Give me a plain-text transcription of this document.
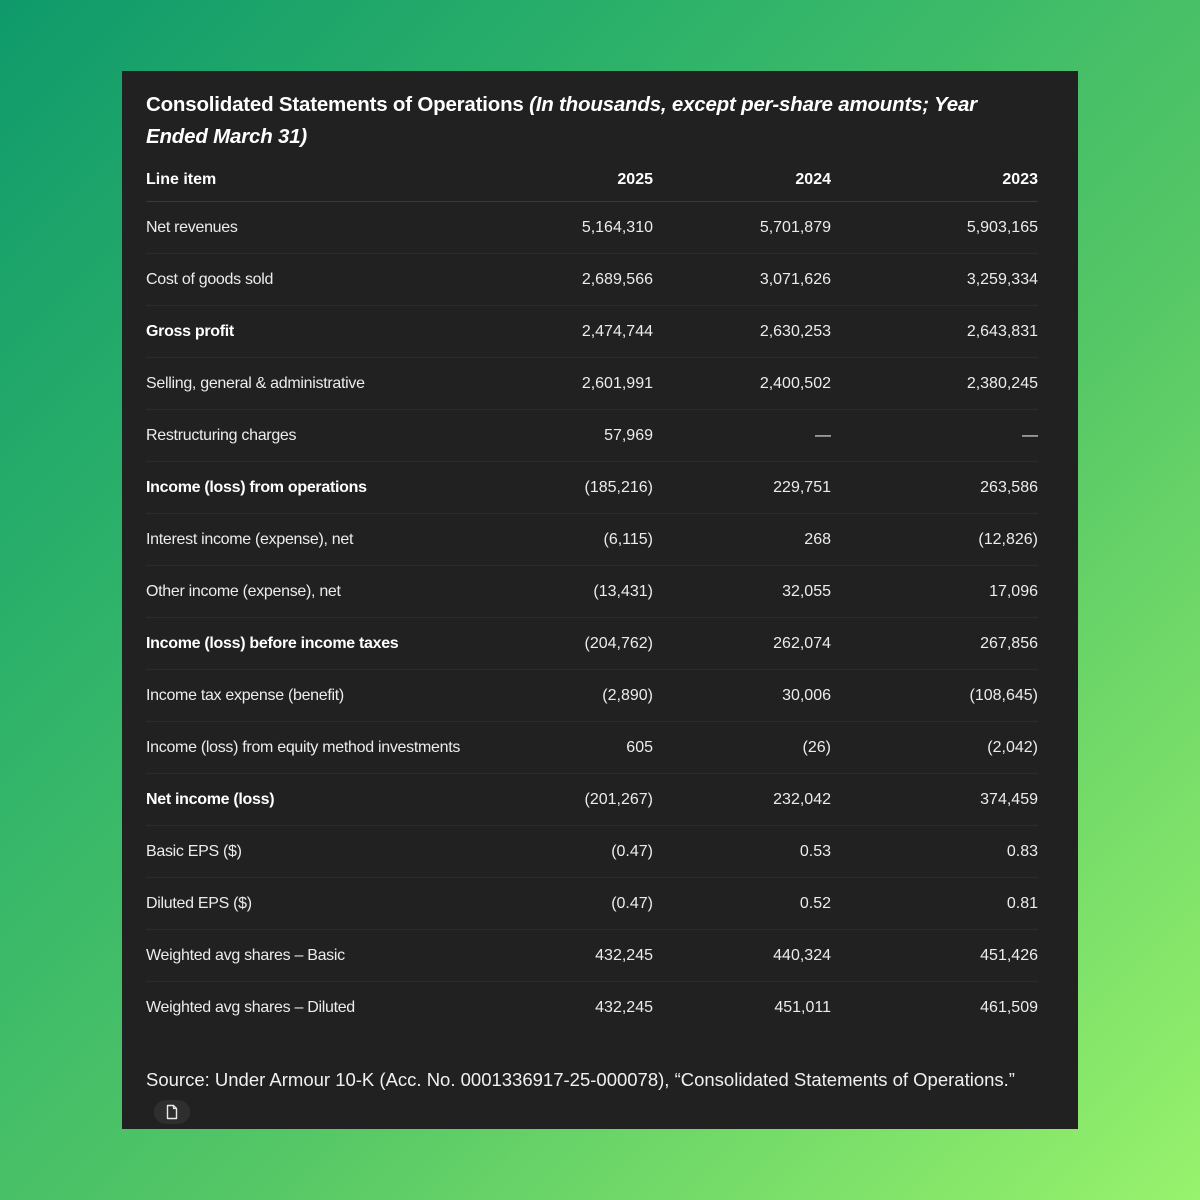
Consolidated Statements of Operations (In thousands, except per-share amounts; Year Ended March 31)
Line item	2025	2024	2023
Net revenues	5,164,310	5,701,879	5,903,165
Cost of goods sold	2,689,566	3,071,626	3,259,334
Gross profit	2,474,744	2,630,253	2,643,831
Selling, general & administrative	2,601,991	2,400,502	2,380,245
Restructuring charges	57,969	—	—
Income (loss) from operations	(185,216)	229,751	263,586
Interest income (expense), net	(6,115)	268	(12,826)
Other income (expense), net	(13,431)	32,055	17,096
Income (loss) before income taxes	(204,762)	262,074	267,856
Income tax expense (benefit)	(2,890)	30,006	(108,645)
Income (loss) from equity method investments	605	(26)	(2,042)
Net income (loss)	(201,267)	232,042	374,459
Basic EPS ($)	(0.47)	0.53	0.83
Diluted EPS ($)	(0.47)	0.52	0.81
Weighted avg shares – Basic	432,245	440,324	451,426
Weighted avg shares – Diluted	432,245	451,011	461,509
Source: Under Armour 10-K (Acc. No. 0001336917-25-000078), “Consolidated Statements of Operations.”
